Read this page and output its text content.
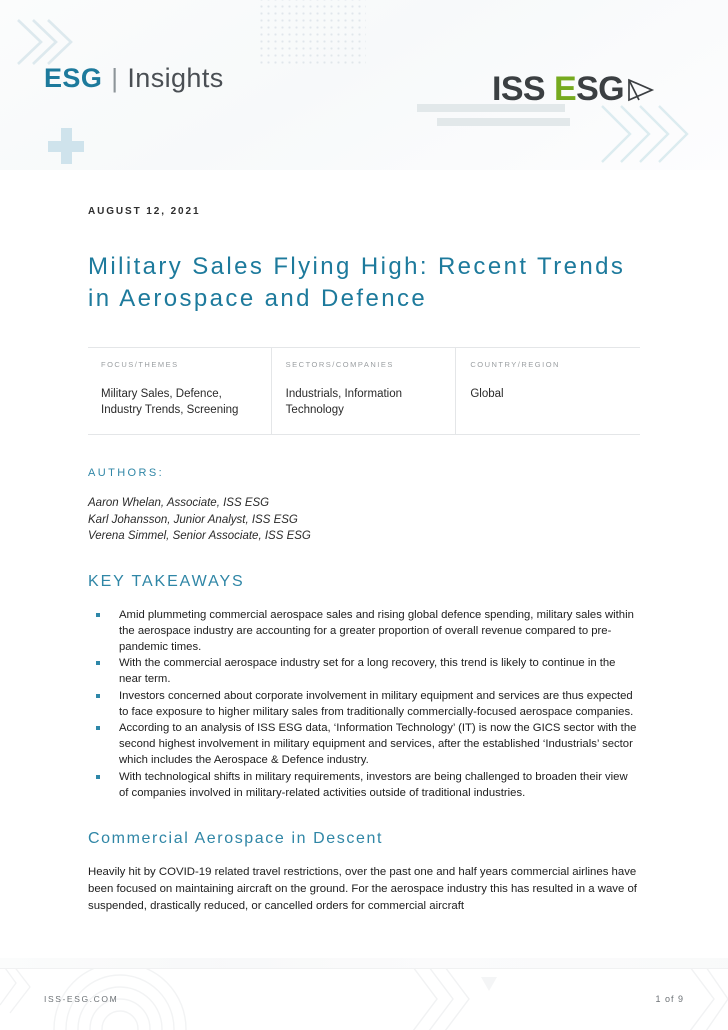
ESG | Insights	ISS E SG
AUGUST 12, 2021
Military Sales Flying High: Recent Trends in Aerospace and Defence
FOCUS/THEMES
Military Sales, Defence, Industry Trends, Screening
SECTORS/COMPANIES
Industrials, Information Technology
COUNTRY/REGION
Global
AUTHORS:
Aaron Whelan, Associate, ISS ESG
Karl Johansson, Junior Analyst, ISS ESG
Verena Simmel, Senior Associate, ISS ESG
KEY TAKEAWAYS
Amid plummeting commercial aerospace sales and rising global defence spending, military sales within the aerospace industry are accounting for a greater proportion of overall revenue compared to pre-pandemic times.
With the commercial aerospace industry set for a long recovery, this trend is likely to continue in the near term.
Investors concerned about corporate involvement in military equipment and services are thus expected to face exposure to higher military sales from traditionally commercially-focused aerospace companies.
According to an analysis of ISS ESG data, ‘Information Technology’ (IT) is now the GICS sector with the second highest involvement in military equipment and services, after the established ‘Industrials’ sector which includes the Aerospace & Defence industry.
With technological shifts in military requirements, investors are being challenged to broaden their view of companies involved in military-related activities outside of traditional industries.
Commercial Aerospace in Descent

Heavily hit by COVID-19 related travel restrictions, over the past one and half years commercial airlines have been focused on maintaining aircraft on the ground. For the aerospace industry this has resulted in a wave of suspended, drastically reduced, or cancelled orders for commercial aircraft

ISS-ESG.COM	1 of 9
